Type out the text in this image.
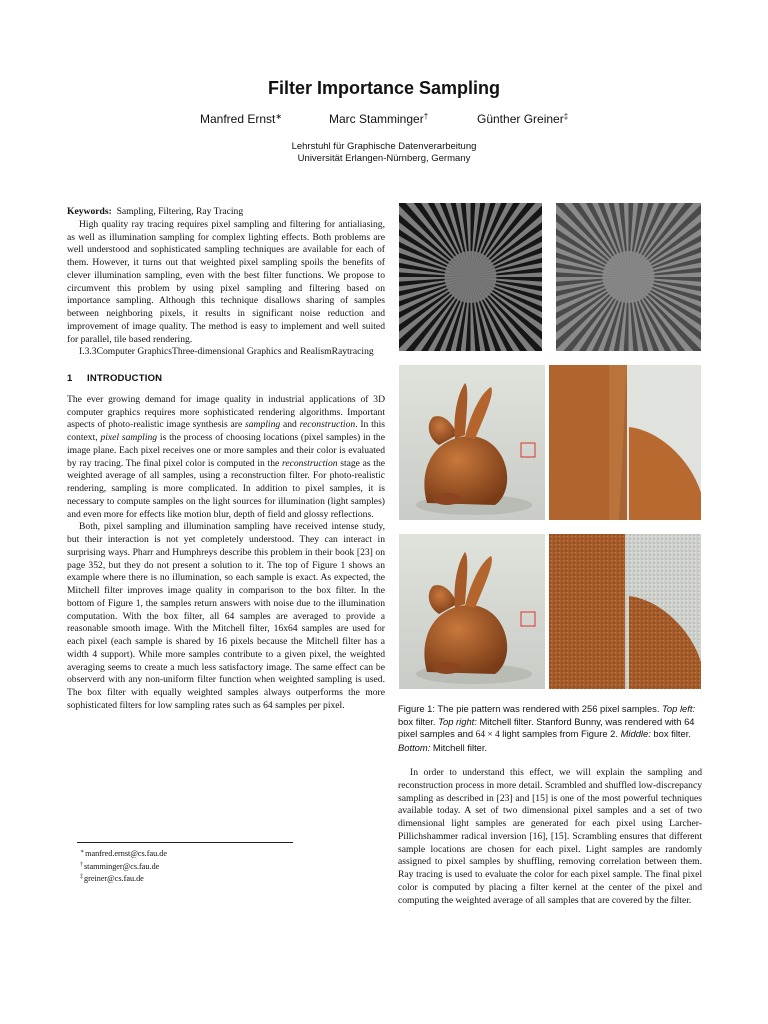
Filter Importance Sampling
Manfred Ernst∗	Marc Stamminger†	Günther Greiner‡
Lehrstuhl für Graphische Datenverarbeitung
Universität Erlangen-Nürnberg, Germany

Keywords: Sampling, Filtering, Ray Tracing

High quality ray tracing requires pixel sampling and filtering for antialiasing, as well as illumination sampling for complex lighting effects. Both problems are well understood and sophisticated sampling techniques are available for each of them. However, it turns out that weighted pixel sampling spoils the benefits of clever illumination sampling, even with the best filter functions. We propose to circumvent this problem by using pixel sampling and filtering based on importance sampling. Although this technique disallows sharing of samples between neighboring pixels, it results in significant noise reduction and improvement of image quality. The method is easy to implement and well suited for parallel, tile based rendering.

I.3.3Computer GraphicsThree-dimensional Graphics and RealismRaytracing

1 INTRODUCTION

The ever growing demand for image quality in industrial applications of 3D computer graphics requires more sophisticated rendering algorithms. Important aspects of photo-realistic image synthesis are sampling and reconstruction. In this context, pixel sampling is the process of choosing locations (pixel samples) in the image plane. Each pixel receives one or more samples and their color is evaluated by ray tracing. The final pixel color is computed in the reconstruction stage as the weighted average of all samples, using a reconstruction filter. For photo-realistic rendering, sampling is more complicated. In addition to pixel samples, it is necessary to compute samples on the light sources for illumination (light samples) and even more for effects like motion blur, depth of field and glossy reflections.

Both, pixel sampling and illumination sampling have received intense study, but their interaction is not yet completely understood. They can interact in surprising ways. Pharr and Humphreys describe this problem in their book [23] on page 352, but they do not present a solution to it. The top of Figure 1 shows an example where there is no illumination, so each sample is exact. As expected, the Mitchell filter improves image quality in comparison to the box filter. In the bottom of Figure 1, the samples return answers with noise due to the illumination computation. With the box filter, all 64 samples are averaged to provide a reasonable smooth image. With the Mitchell filter, 16x64 samples are used for each pixel (each sample is shared by 16 pixels because the Mitchell filter has a width 4 support). While more samples contribute to a given pixel, the weighted averaging seems to create a much less satisfactory image. The same effect can be observerd with any non-uniform filter function when weighted sampling is used. The box filter with equally weighted samples always outperforms the more sophisticated filters for low sampling rates such as 64 samples per pixel.

∗manfred.ernst@cs.fau.de
†stamminger@cs.fau.de
‡greiner@cs.fau.de
Figure 1: The pie pattern was rendered with 256 pixel samples. Top left: box filter. Top right: Mitchell filter. Stanford Bunny, was rendered with 64 pixel samples and 64 × 4 light samples from Figure 2. Middle: box filter. Bottom: Mitchell filter.

In order to understand this effect, we will explain the sampling and reconstruction process in more detail. Scrambled and shuffled low-discrepancy sampling as described in [23] and [15] is one of the most powerful techniques available today. A set of two dimensional pixel samples and a set of two dimensional light samples are generated for each pixel using Larcher-Pillichshammer radical inversion [16], [15]. Scrambling ensures that different sample locations are chosen for each pixel. Light samples are randomly assigned to pixel samples by shuffling, removing correlation between them. Ray tracing is used to evaluate the color for each pixel sample. The final pixel color is computed by placing a filter kernel at the center of the pixel and computing the weighted average of all samples that are covered by the filter.
